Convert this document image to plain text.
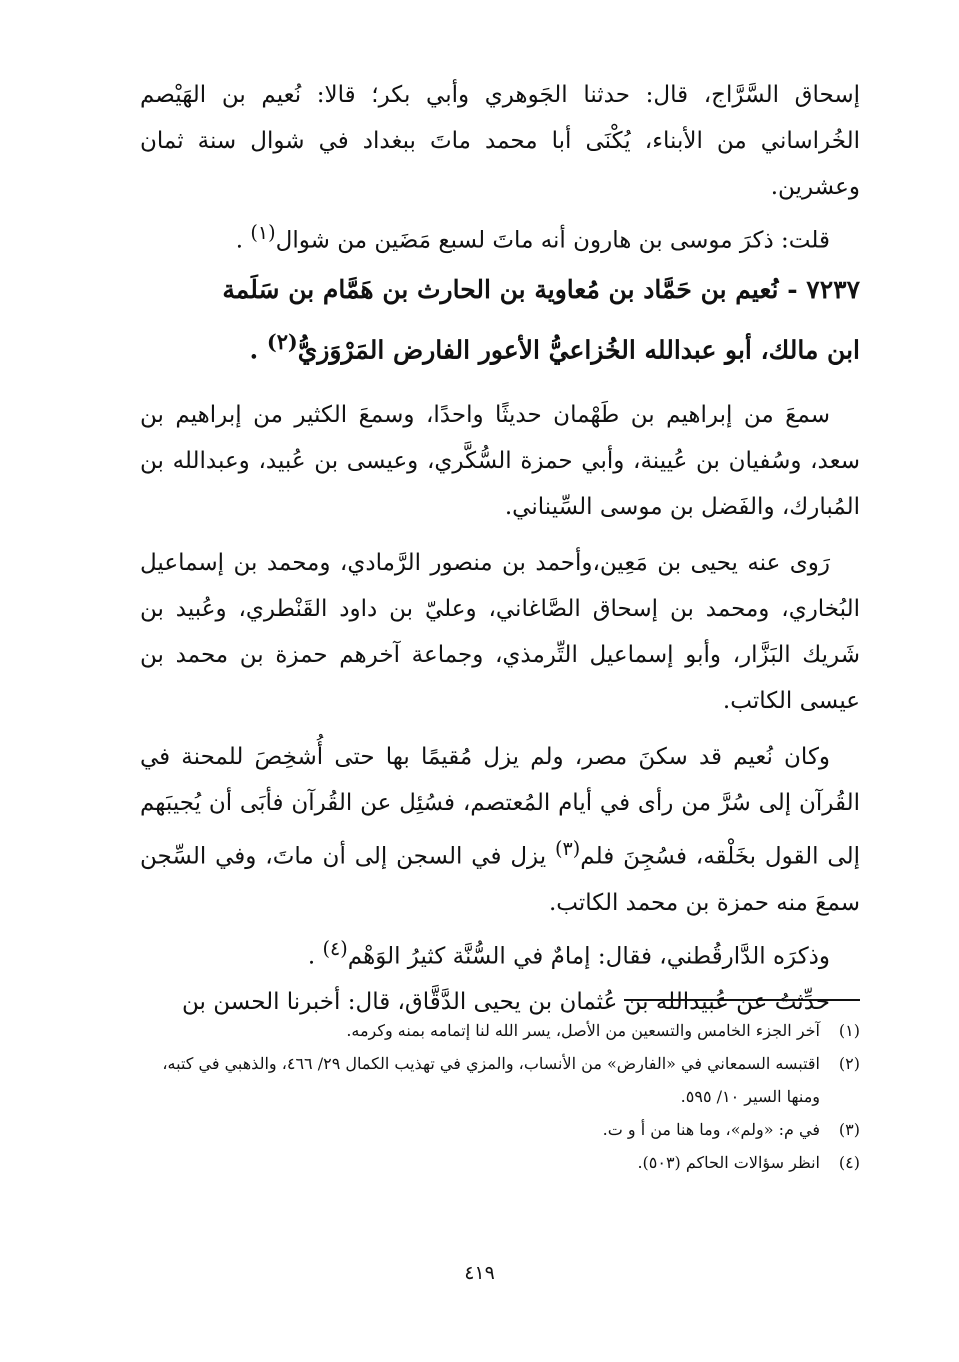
إسحاق السَّرَّاج، قال: حدثنا الجَوهري وأبي بكر؛ قالا: نُعيم بن الهَيْصم الخُراساني من الأبناء، يُكْنَى أبا محمد ماتَ ببغداد في شوال سنة ثمان وعشرين.

قلت: ذكرَ موسى بن هارون أنه ماتَ لسبع مَضَين من شوال$^{(١)}$ .

٧٢٣٧ - نُعيم بن حَمَّاد بن مُعاوية بن الحارث بن هَمَّام بن سَلَمة

ابن مالك، أبو عبدالله الخُزاعيُّ الأعور الفارض المَرْوَزيُّ$^{(٢)}$ .

سمعَ من إبراهيم بن طَهْمان حديثًا واحدًا، وسمعَ الكثير من إبراهيم بن سعد، وسُفيان بن عُيينة، وأبي حمزة السُّكَّري، وعيسى بن عُبيد، وعبدالله بن المُبارك، والفَضل بن موسى السِّيناني.

رَوى عنه يحيى بن مَعِين،وأحمد بن منصور الرَّمادي، ومحمد بن إسماعيل البُخاري، ومحمد بن إسحاق الصَّاغاني، وعليّ بن داود القَنْطري، وعُبيد بن شَريك البَزَّار، وأبو إسماعيل التِّرمذي، وجماعة آخرهم حمزة بن محمد بن عيسى الكاتب.

وكان نُعيم قد سكنَ مصر، ولم يزل مُقيمًا بها حتى أُشخِصَ للمحنة في القُرآن إلى سُرَّ من رأى في أيام المُعتصم، فسُئِل عن القُرآن فأبَى أن يُجيبَهم إلى القول بخَلْقه، فسُجِنَ فلم$^{(٣)}$ يزل في السجن إلى أن ماتَ، وفي السِّجن سمعَ منه حمزة بن محمد الكاتب.

وذكرَه الدَّارقُطني، فقال: إمامٌ في السُّنَّة كثيرُ الوَهْم$^{(٤)}$ .

حدِّثتُ عن عُبيدالله بن عُثمان بن يحيى الدَّقَّاق، قال: أخبرنا الحسن بن

(١)
آخر الجزء الخامس والتسعين من الأصل، يسر الله لنا إتمامه بمنه وكرمه.
(٢)
اقتبسه السمعاني في «الفارض» من الأنساب، والمزي في تهذيب الكمال ٢٩/ ٤٦٦، والذهبي في كتبه، ومنها السير ١٠/ ٥٩٥.
(٣)
في م: «ولم»، وما هنا من أ و ت.
(٤)
انظر سؤالات الحاكم (٥٠٣).
٤١٩
